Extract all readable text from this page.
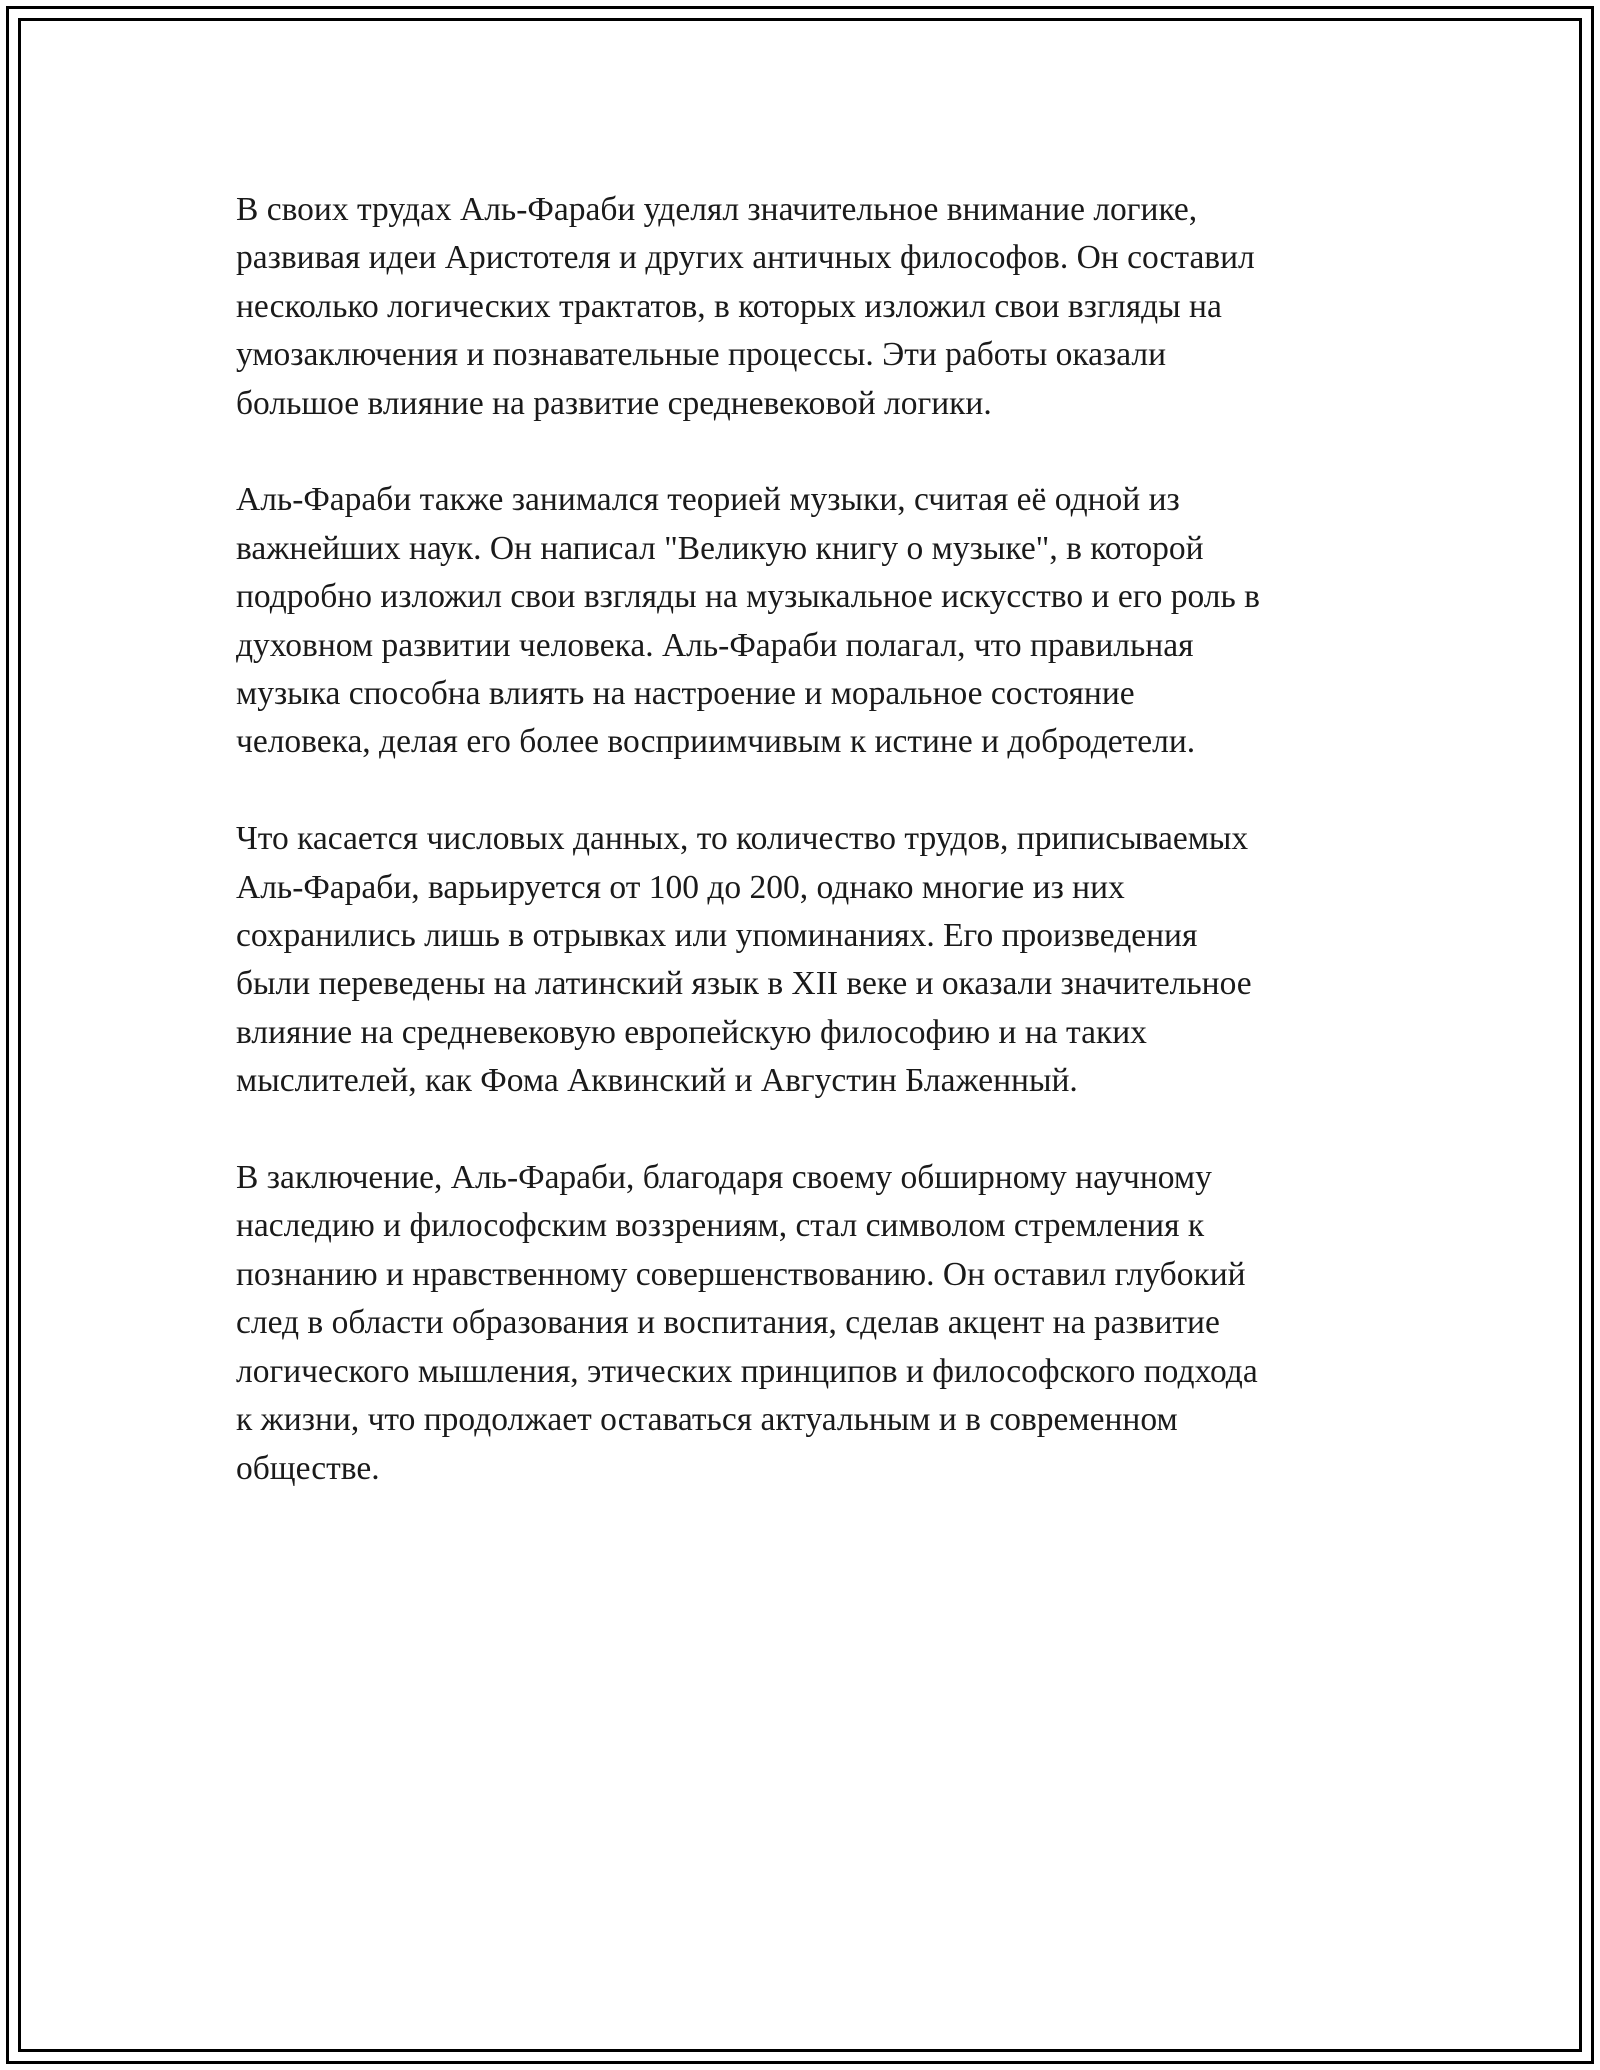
В своих трудах Аль-Фараби уделял значительное внимание логике,
развивая идеи Аристотеля и других античных философов. Он составил
несколько логических трактатов, в которых изложил свои взгляды на
умозаключения и познавательные процессы. Эти работы оказали
большое влияние на развитие средневековой логики.
Аль-Фараби также занимался теорией музыки, считая её одной из
важнейших наук. Он написал "Великую книгу о музыке", в которой
подробно изложил свои взгляды на музыкальное искусство и его роль в
духовном развитии человека. Аль-Фараби полагал, что правильная
музыка способна влиять на настроение и моральное состояние
человека, делая его более восприимчивым к истине и добродетели.
Что касается числовых данных, то количество трудов, приписываемых
Аль-Фараби, варьируется от 100 до 200, однако многие из них
сохранились лишь в отрывках или упоминаниях. Его произведения
были переведены на латинский язык в XII веке и оказали значительное
влияние на средневековую европейскую философию и на таких
мыслителей, как Фома Аквинский и Августин Блаженный.
В заключение, Аль-Фараби, благодаря своему обширному научному
наследию и философским воззрениям, стал символом стремления к
познанию и нравственному совершенствованию. Он оставил глубокий
след в области образования и воспитания, сделав акцент на развитие
логического мышления, этических принципов и философского подхода
к жизни, что продолжает оставаться актуальным и в современном
обществе.
